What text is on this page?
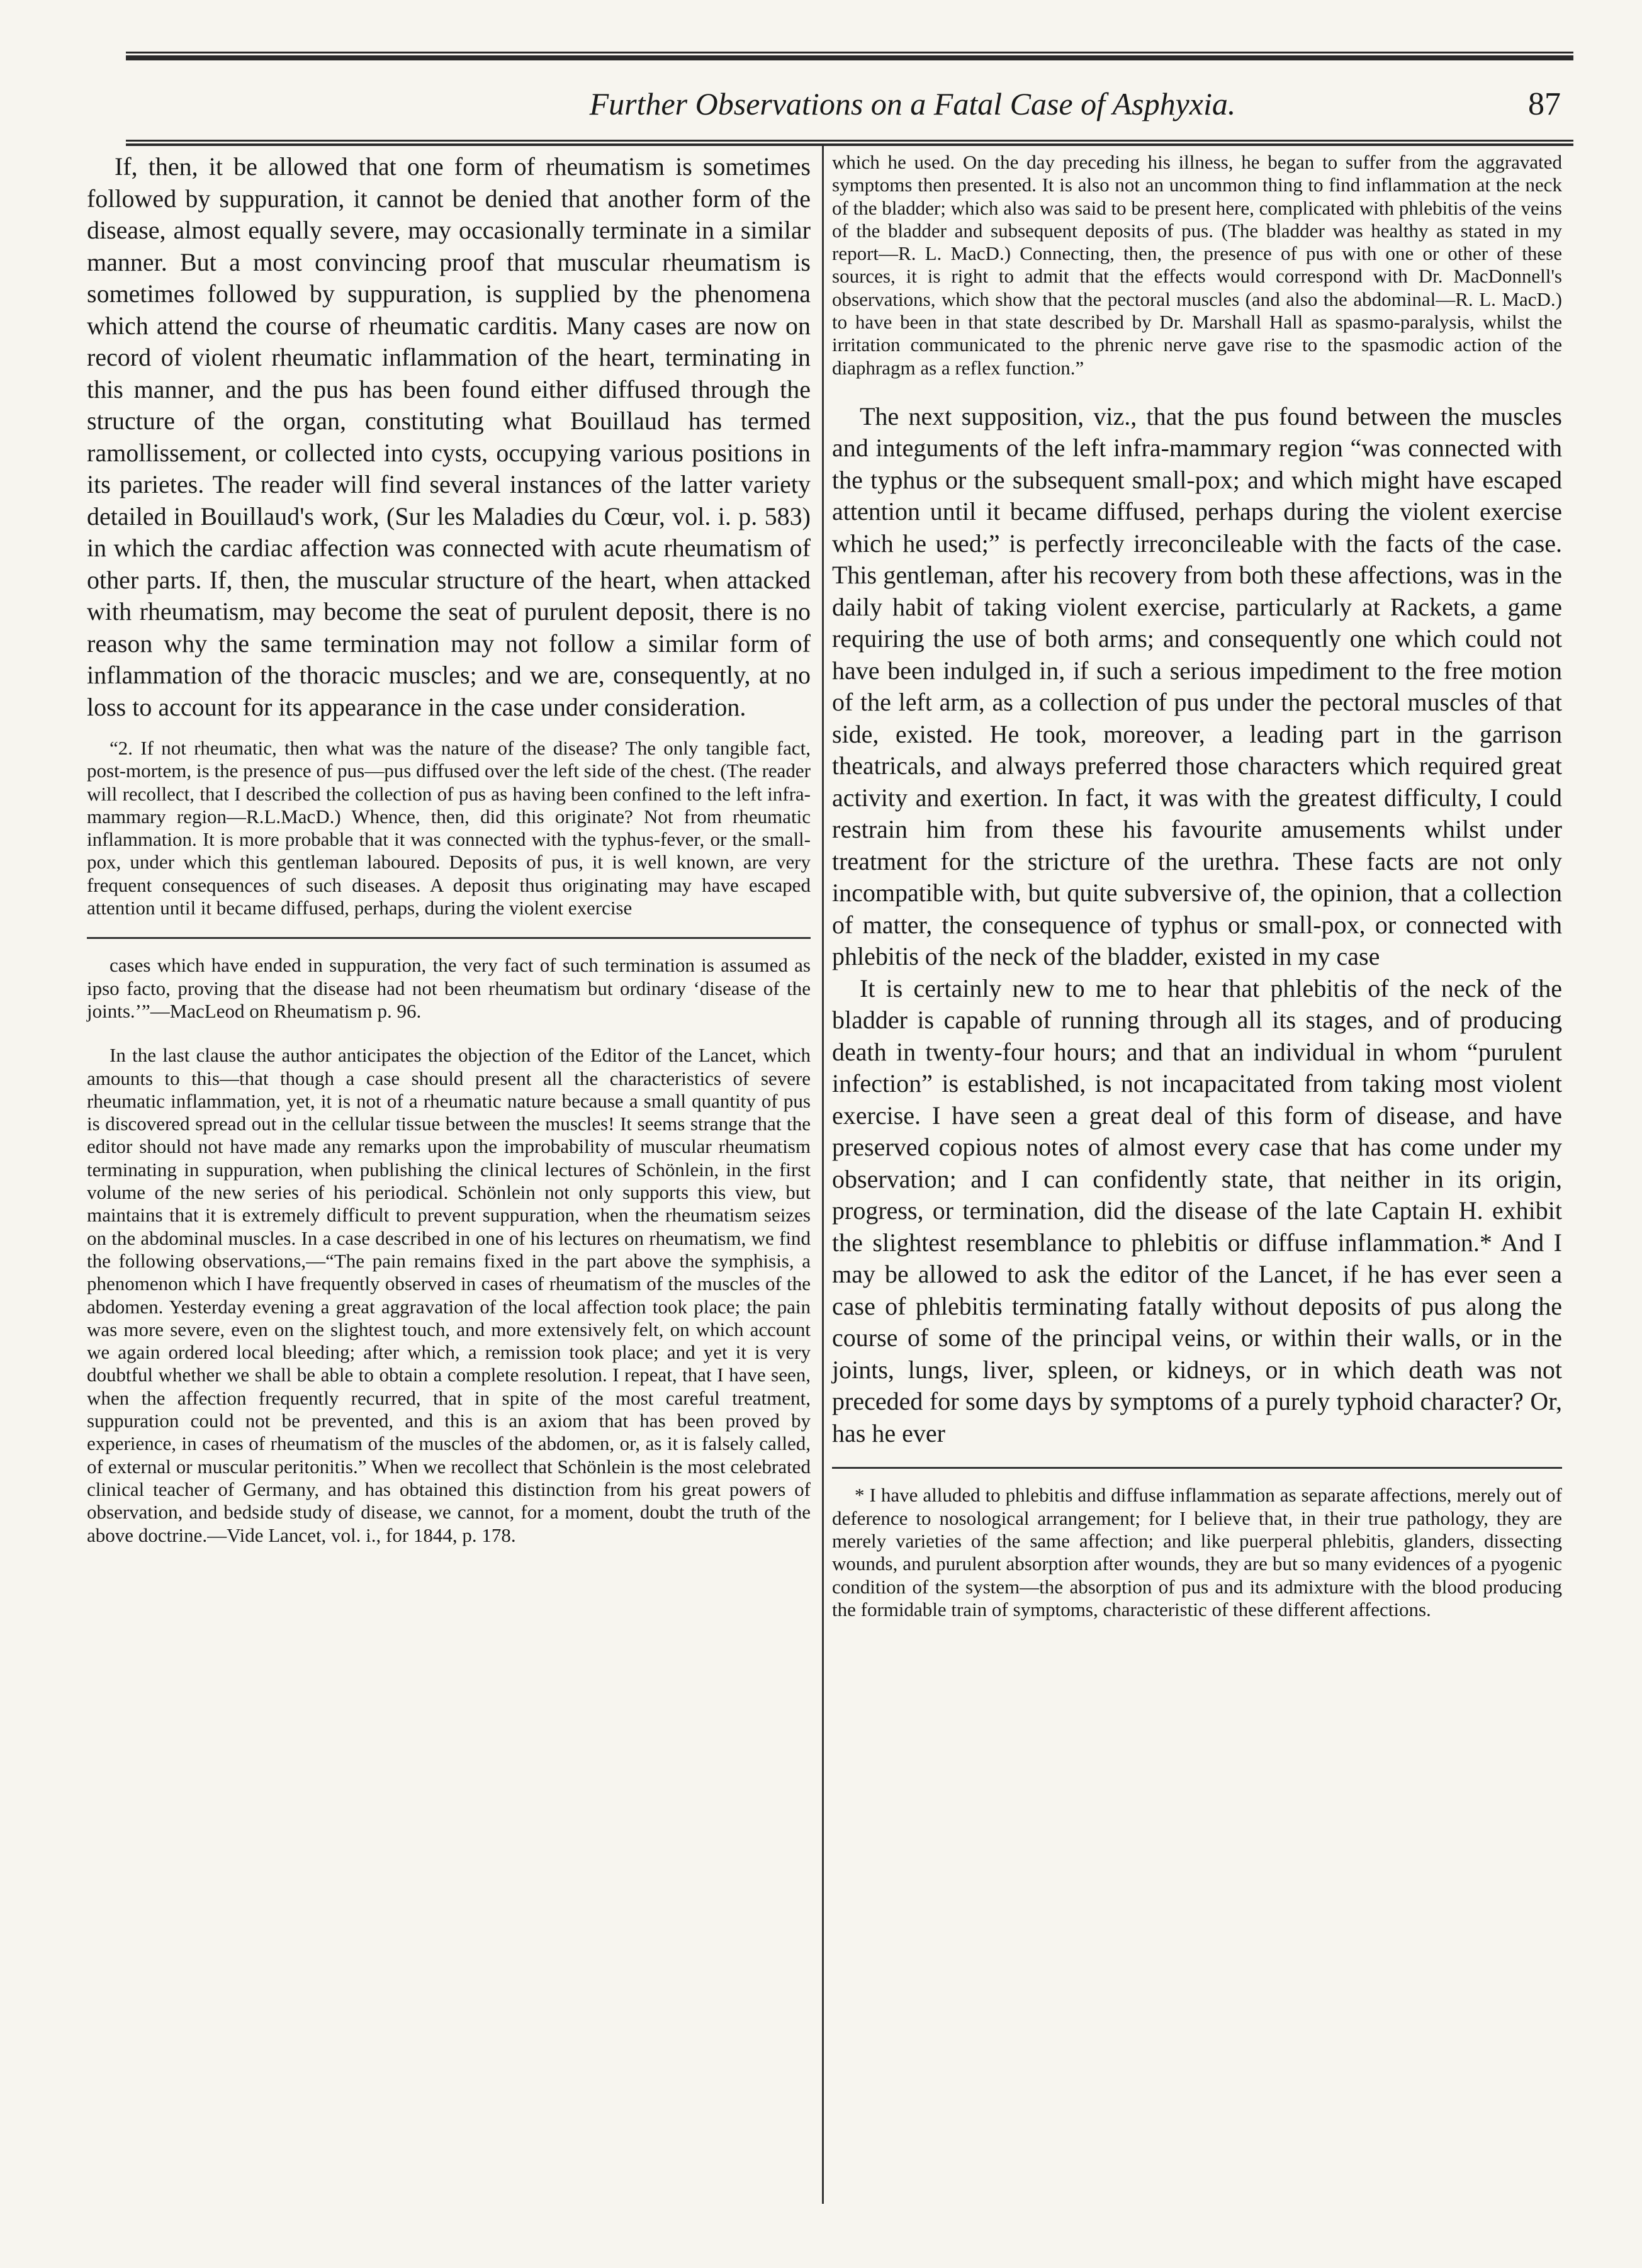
Further Observations on a Fatal Case of Asphyxia.	87

If, then, it be allowed that one form of rheumatism is sometimes followed by suppuration, it cannot be denied that another form of the disease, almost equally severe, may occasionally terminate in a similar manner. But a most convincing proof that muscular rheumatism is sometimes followed by suppuration, is supplied by the phenomena which attend the course of rheumatic carditis. Many cases are now on record of violent rheumatic inflammation of the heart, terminating in this manner, and the pus has been found either diffused through the structure of the organ, constituting what Bouillaud has termed ramollissement, or collected into cysts, occupying various positions in its parietes. The reader will find several instances of the latter variety detailed in Bouillaud's work, (Sur les Maladies du Cœur, vol. i. p. 583) in which the cardiac affection was connected with acute rheumatism of other parts. If, then, the muscular structure of the heart, when attacked with rheumatism, may become the seat of purulent deposit, there is no reason why the same termination may not follow a similar form of inflammation of the thoracic muscles; and we are, consequently, at no loss to account for its appearance in the case under consideration.

“2. If not rheumatic, then what was the nature of the disease? The only tangible fact, post-mortem, is the presence of pus—pus diffused over the left side of the chest. (The reader will recollect, that I described the collection of pus as having been confined to the left infra-mammary region—R.L.MacD.) Whence, then, did this originate? Not from rheumatic inflammation. It is more probable that it was connected with the typhus-fever, or the small-pox, under which this gentleman laboured. Deposits of pus, it is well known, are very frequent consequences of such diseases. A deposit thus originating may have escaped attention until it became diffused, perhaps, during the violent exercise

cases which have ended in suppuration, the very fact of such termination is assumed as ipso facto, proving that the disease had not been rheumatism but ordinary ‘disease of the joints.’”—MacLeod on Rheumatism p. 96.

In the last clause the author anticipates the objection of the Editor of the Lancet, which amounts to this—that though a case should present all the characteristics of severe rheumatic inflammation, yet, it is not of a rheumatic nature because a small quantity of pus is discovered spread out in the cellular tissue between the muscles! It seems strange that the editor should not have made any remarks upon the improbability of muscular rheumatism terminating in suppuration, when publishing the clinical lectures of Schönlein, in the first volume of the new series of his periodical. Schönlein not only supports this view, but maintains that it is extremely difficult to prevent suppuration, when the rheumatism seizes on the abdominal muscles. In a case described in one of his lectures on rheumatism, we find the following observations,—“The pain remains fixed in the part above the symphisis, a phenomenon which I have frequently observed in cases of rheumatism of the muscles of the abdomen. Yesterday evening a great aggravation of the local affection took place; the pain was more severe, even on the slightest touch, and more extensively felt, on which account we again ordered local bleeding; after which, a remission took place; and yet it is very doubtful whether we shall be able to obtain a complete resolution. I repeat, that I have seen, when the affection frequently recurred, that in spite of the most careful treatment, suppuration could not be prevented, and this is an axiom that has been proved by experience, in cases of rheumatism of the muscles of the abdomen, or, as it is falsely called, of external or muscular peritonitis.” When we recollect that Schönlein is the most celebrated clinical teacher of Germany, and has obtained this distinction from his great powers of observation, and bedside study of disease, we cannot, for a moment, doubt the truth of the above doctrine.—Vide Lancet, vol. i., for 1844, p. 178.

which he used. On the day preceding his illness, he began to suffer from the aggravated symptoms then presented. It is also not an uncommon thing to find inflammation at the neck of the bladder; which also was said to be present here, complicated with phlebitis of the veins of the bladder and subsequent deposits of pus. (The bladder was healthy as stated in my report—R. L. MacD.) Connecting, then, the presence of pus with one or other of these sources, it is right to admit that the effects would correspond with Dr. MacDonnell's observations, which show that the pectoral muscles (and also the abdominal—R. L. MacD.) to have been in that state described by Dr. Marshall Hall as spasmo-paralysis, whilst the irritation communicated to the phrenic nerve gave rise to the spasmodic action of the diaphragm as a reflex function.”

The next supposition, viz., that the pus found between the muscles and integuments of the left infra-mammary region “was connected with the typhus or the subsequent small-pox; and which might have escaped attention until it became diffused, perhaps during the violent exercise which he used;” is perfectly irreconcileable with the facts of the case. This gentleman, after his recovery from both these affections, was in the daily habit of taking violent exercise, particularly at Rackets, a game requiring the use of both arms; and consequently one which could not have been indulged in, if such a serious impediment to the free motion of the left arm, as a collection of pus under the pectoral muscles of that side, existed. He took, moreover, a leading part in the garrison theatricals, and always preferred those characters which required great activity and exertion. In fact, it was with the greatest difficulty, I could restrain him from these his favourite amusements whilst under treatment for the stricture of the urethra. These facts are not only incompatible with, but quite subversive of, the opinion, that a collection of matter, the consequence of typhus or small-pox, or connected with phlebitis of the neck of the bladder, existed in my case

It is certainly new to me to hear that phlebitis of the neck of the bladder is capable of running through all its stages, and of producing death in twenty-four hours; and that an individual in whom “purulent infection” is established, is not incapacitated from taking most violent exercise. I have seen a great deal of this form of disease, and have preserved copious notes of almost every case that has come under my observation; and I can confidently state, that neither in its origin, progress, or termination, did the disease of the late Captain H. exhibit the slightest resemblance to phlebitis or diffuse inflammation.* And I may be allowed to ask the editor of the Lancet, if he has ever seen a case of phlebitis terminating fatally without deposits of pus along the course of some of the principal veins, or within their walls, or in the joints, lungs, liver, spleen, or kidneys, or in which death was not preceded for some days by symptoms of a purely typhoid character? Or, has he ever

* I have alluded to phlebitis and diffuse inflammation as separate affections, merely out of deference to nosological arrangement; for I believe that, in their true pathology, they are merely varieties of the same affection; and like puerperal phlebitis, glanders, dissecting wounds, and purulent absorption after wounds, they are but so many evidences of a pyogenic condition of the system—the absorption of pus and its admixture with the blood producing the formidable train of symptoms, characteristic of these different affections.
